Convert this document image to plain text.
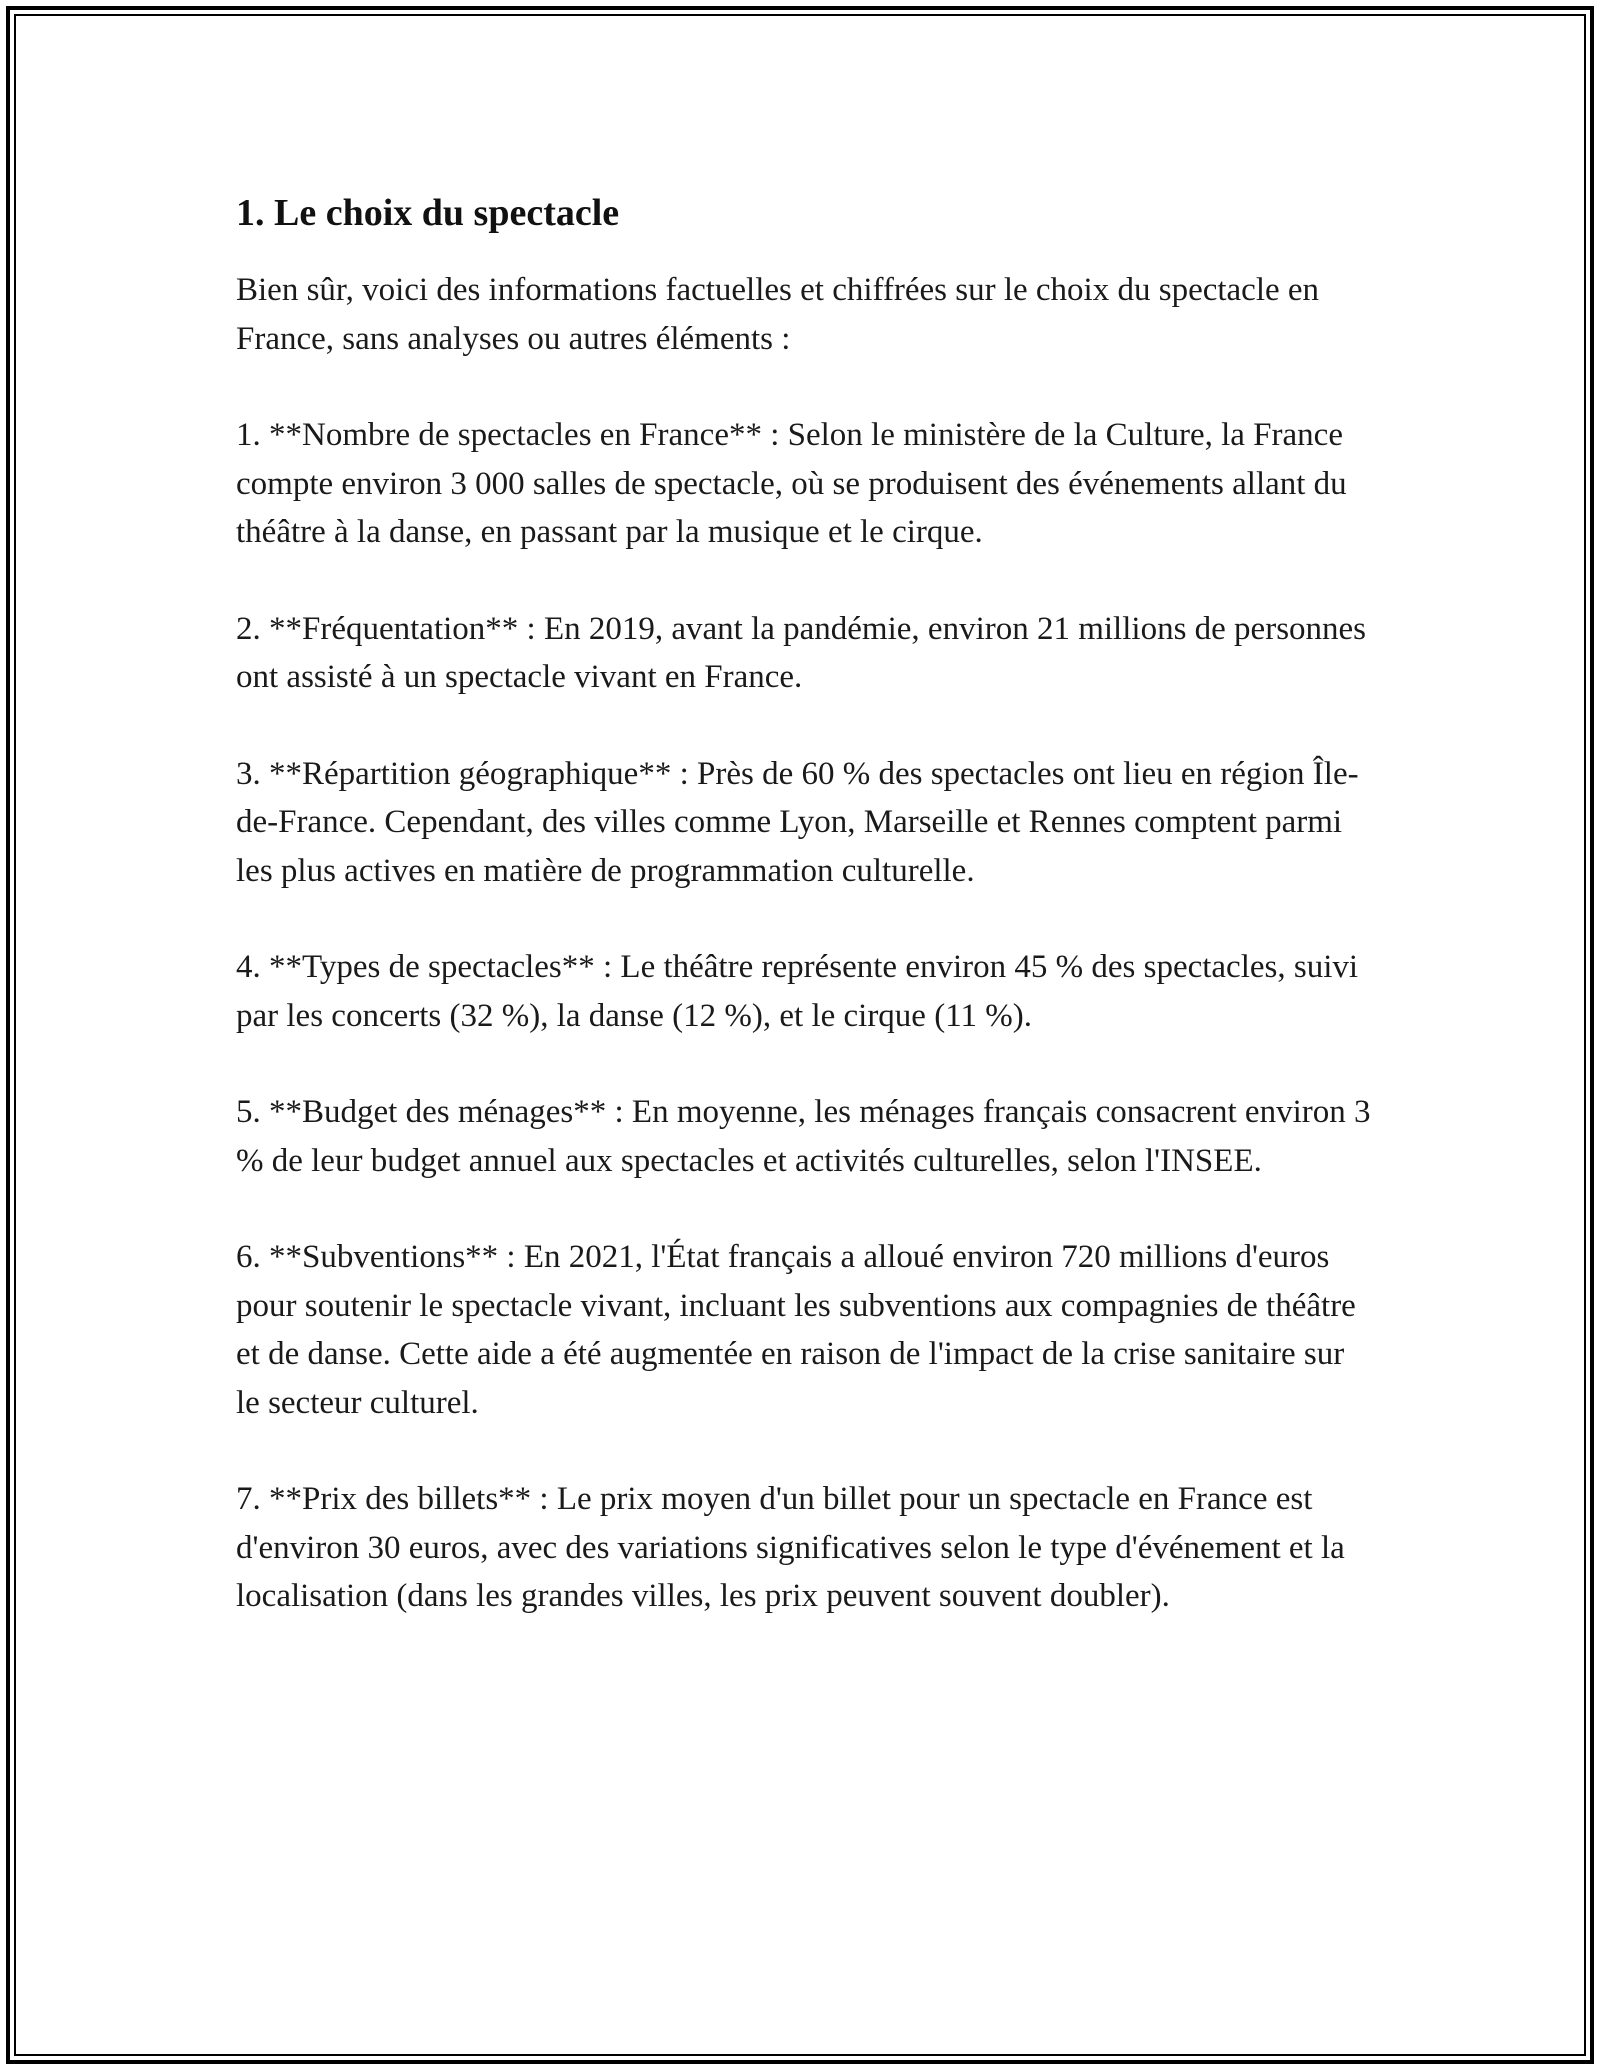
1. Le choix du spectacle

Bien sûr, voici des informations factuelles et chiffrées sur le choix du spectacle en France, sans analyses ou autres éléments :

1. **Nombre de spectacles en France** : Selon le ministère de la Culture, la France compte environ 3 000 salles de spectacle, où se produisent des événements allant du théâtre à la danse, en passant par la musique et le cirque.

2. **Fréquentation** : En 2019, avant la pandémie, environ 21 millions de personnes ont assisté à un spectacle vivant en France.

3. **Répartition géographique** : Près de 60 % des spectacles ont lieu en région Île-de-France. Cependant, des villes comme Lyon, Marseille et Rennes comptent parmi les plus actives en matière de programmation culturelle.

4. **Types de spectacles** : Le théâtre représente environ 45 % des spectacles, suivi par les concerts (32 %), la danse (12 %), et le cirque (11 %).

5. **Budget des ménages** : En moyenne, les ménages français consacrent environ 3 % de leur budget annuel aux spectacles et activités culturelles, selon l'INSEE.

6. **Subventions** : En 2021, l'État français a alloué environ 720 millions d'euros pour soutenir le spectacle vivant, incluant les subventions aux compagnies de théâtre et de danse. Cette aide a été augmentée en raison de l'impact de la crise sanitaire sur le secteur culturel.

7. **Prix des billets** : Le prix moyen d'un billet pour un spectacle en France est d'environ 30 euros, avec des variations significatives selon le type d'événement et la localisation (dans les grandes villes, les prix peuvent souvent doubler).
